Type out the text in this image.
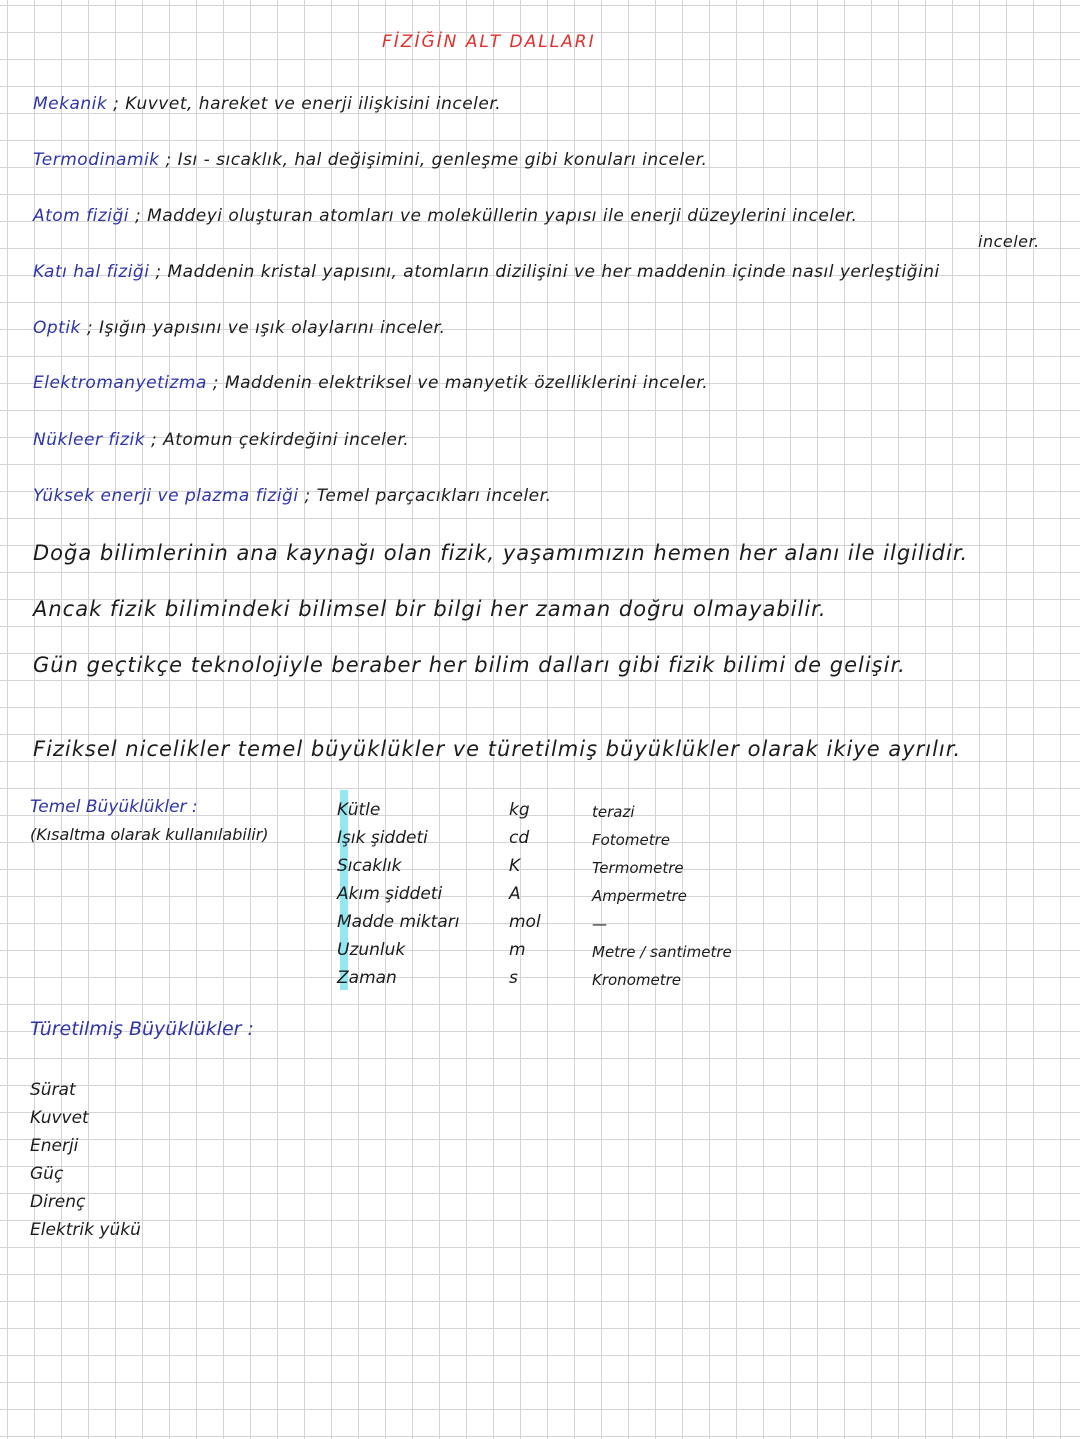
FİZİĞİN ALT DALLARI
Mekanik ; Kuvvet, hareket ve enerji ilişkisini inceler.
Termodinamik ; Isı - sıcaklık, hal değişimini, genleşme gibi konuları inceler.
Atom fiziği ; Maddeyi oluşturan atomları ve moleküllerin yapısı ile enerji düzeylerini inceler.
inceler.
Katı hal fiziği ; Maddenin kristal yapısını, atomların dizilişini ve her maddenin içinde nasıl yerleştiğini
Optik ; Işığın yapısını ve ışık olaylarını inceler.
Elektromanyetizma ; Maddenin elektriksel ve manyetik özelliklerini inceler.
Nükleer fizik ; Atomun çekirdeğini inceler.
Yüksek enerji ve plazma fiziği ; Temel parçacıkları inceler.
Doğa bilimlerinin ana kaynağı olan fizik, yaşamımızın hemen her alanı ile ilgilidir.
Ancak fizik bilimindeki bilimsel bir bilgi her zaman doğru olmayabilir.
Gün geçtikçe teknolojiyle beraber her bilim dalları gibi fizik bilimi de gelişir.
Fiziksel nicelikler temel büyüklükler ve türetilmiş büyüklükler olarak ikiye ayrılır.
Temel Büyüklükler :
(Kısaltma olarak kullanılabilir)
Kütle
Işık şiddeti
Sıcaklık
Akım şiddeti
Madde miktarı
Uzunluk
Zaman
kg
cd
K
A
mol
m
s
terazi
Fotometre
Termometre
Ampermetre
—
Metre / santimetre
Kronometre
Türetilmiş Büyüklükler :
Sürat
Kuvvet
Enerji
Güç
Direnç
Elektrik yükü
